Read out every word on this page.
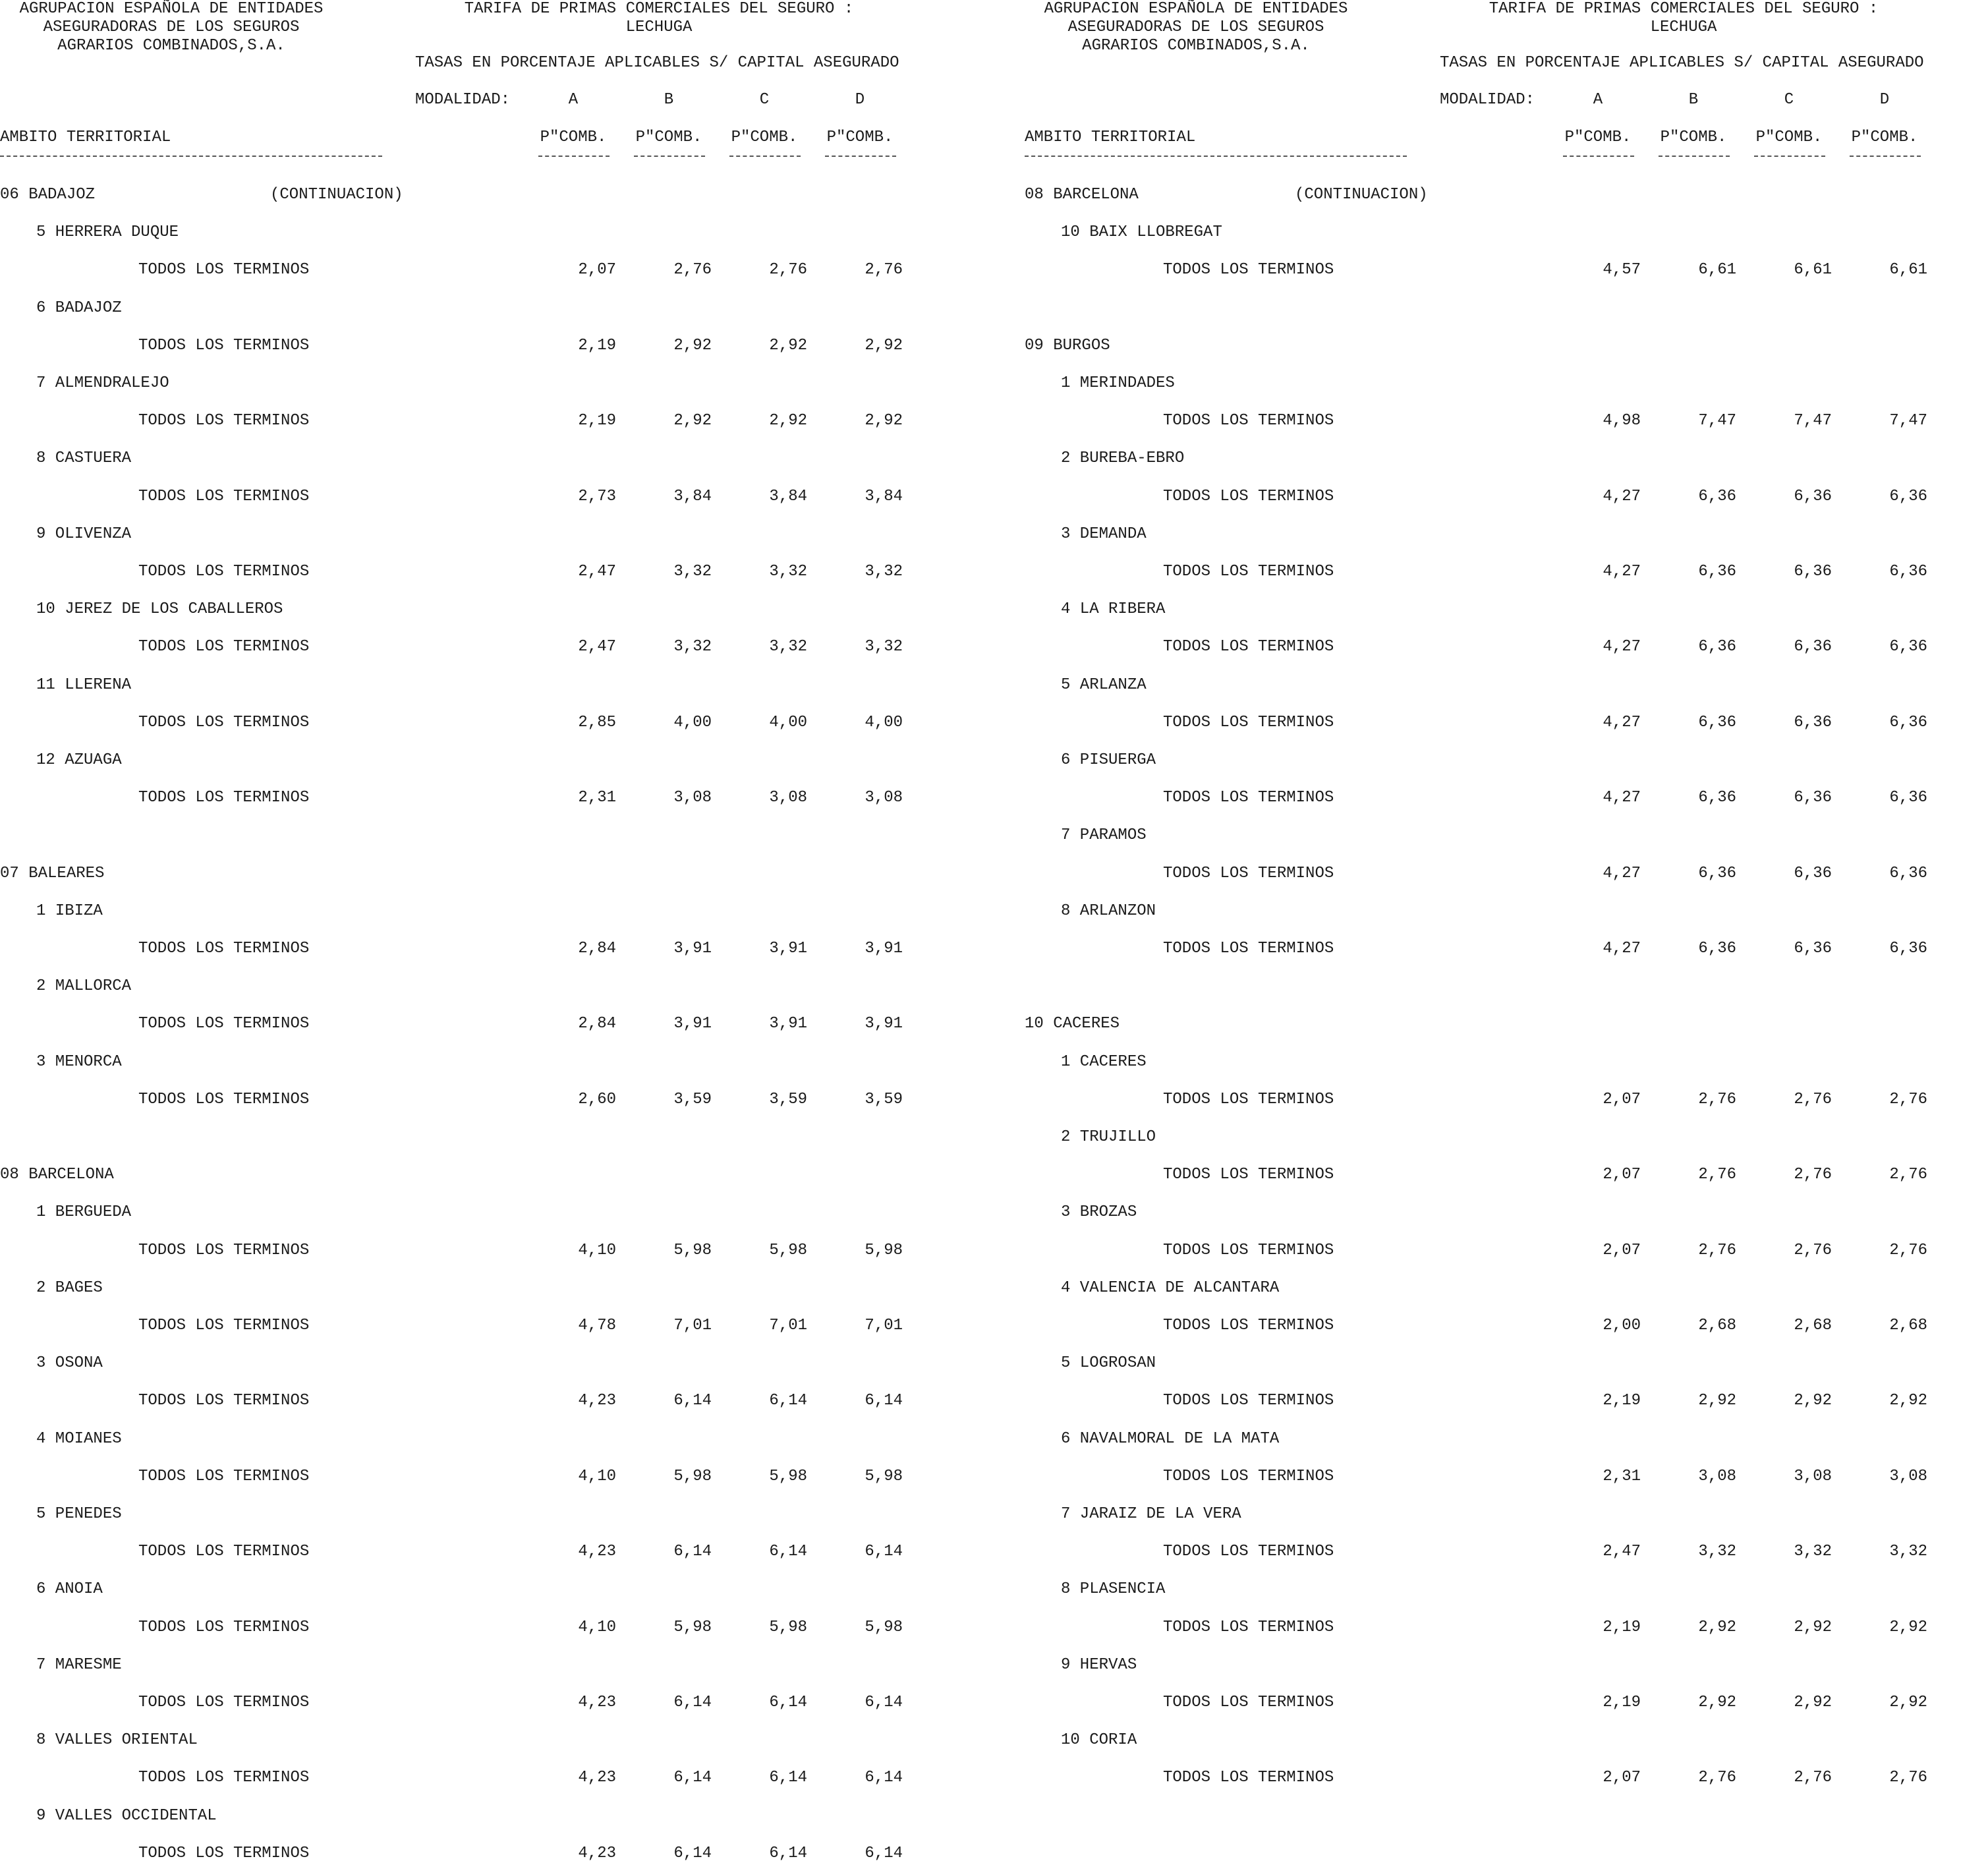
AGRUPACION ESPAÑOLA DE ENTIDADES
ASEGURADORAS DE LOS SEGUROS
AGRARIOS COMBINADOS,S.A.
TARIFA DE PRIMAS COMERCIALES DEL SEGURO :
LECHUGA
TASAS EN PORCENTAJE APLICABLES S/ CAPITAL ASEGURADO
MODALIDAD:	A	B	C	D
AMBITO TERRITORIAL	P"COMB.	P"COMB.	P"COMB.	P"COMB.
06 BADAJOZ	(CONTINUACION)
5 HERRERA DUQUE
TODOS LOS TERMINOS	2,07	2,76	2,76	2,76
6 BADAJOZ
TODOS LOS TERMINOS	2,19	2,92	2,92	2,92
7 ALMENDRALEJO
TODOS LOS TERMINOS	2,19	2,92	2,92	2,92
8 CASTUERA
TODOS LOS TERMINOS	2,73	3,84	3,84	3,84
9 OLIVENZA
TODOS LOS TERMINOS	2,47	3,32	3,32	3,32
10 JEREZ DE LOS CABALLEROS
TODOS LOS TERMINOS	2,47	3,32	3,32	3,32
11 LLERENA
TODOS LOS TERMINOS	2,85	4,00	4,00	4,00
12 AZUAGA
TODOS LOS TERMINOS	2,31	3,08	3,08	3,08
07 BALEARES
1 IBIZA
TODOS LOS TERMINOS	2,84	3,91	3,91	3,91
2 MALLORCA
TODOS LOS TERMINOS	2,84	3,91	3,91	3,91
3 MENORCA
TODOS LOS TERMINOS	2,60	3,59	3,59	3,59
08 BARCELONA
1 BERGUEDA
TODOS LOS TERMINOS	4,10	5,98	5,98	5,98
2 BAGES
TODOS LOS TERMINOS	4,78	7,01	7,01	7,01
3 OSONA
TODOS LOS TERMINOS	4,23	6,14	6,14	6,14
4 MOIANES
TODOS LOS TERMINOS	4,10	5,98	5,98	5,98
5 PENEDES
TODOS LOS TERMINOS	4,23	6,14	6,14	6,14
6 ANOIA
TODOS LOS TERMINOS	4,10	5,98	5,98	5,98
7 MARESME
TODOS LOS TERMINOS	4,23	6,14	6,14	6,14
8 VALLES ORIENTAL
TODOS LOS TERMINOS	4,23	6,14	6,14	6,14
9 VALLES OCCIDENTAL
TODOS LOS TERMINOS	4,23	6,14	6,14	6,14
AGRUPACION ESPAÑOLA DE ENTIDADES
ASEGURADORAS DE LOS SEGUROS
AGRARIOS COMBINADOS,S.A.
TARIFA DE PRIMAS COMERCIALES DEL SEGURO :
LECHUGA
TASAS EN PORCENTAJE APLICABLES S/ CAPITAL ASEGURADO
MODALIDAD:	A	B	C	D
AMBITO TERRITORIAL	P"COMB.	P"COMB.	P"COMB.	P"COMB.
08 BARCELONA	(CONTINUACION)
10 BAIX LLOBREGAT
TODOS LOS TERMINOS	4,57	6,61	6,61	6,61
09 BURGOS
1 MERINDADES
TODOS LOS TERMINOS	4,98	7,47	7,47	7,47
2 BUREBA-EBRO
TODOS LOS TERMINOS	4,27	6,36	6,36	6,36
3 DEMANDA
TODOS LOS TERMINOS	4,27	6,36	6,36	6,36
4 LA RIBERA
TODOS LOS TERMINOS	4,27	6,36	6,36	6,36
5 ARLANZA
TODOS LOS TERMINOS	4,27	6,36	6,36	6,36
6 PISUERGA
TODOS LOS TERMINOS	4,27	6,36	6,36	6,36
7 PARAMOS
TODOS LOS TERMINOS	4,27	6,36	6,36	6,36
8 ARLANZON
TODOS LOS TERMINOS	4,27	6,36	6,36	6,36
10 CACERES
1 CACERES
TODOS LOS TERMINOS	2,07	2,76	2,76	2,76
2 TRUJILLO
TODOS LOS TERMINOS	2,07	2,76	2,76	2,76
3 BROZAS
TODOS LOS TERMINOS	2,07	2,76	2,76	2,76
4 VALENCIA DE ALCANTARA
TODOS LOS TERMINOS	2,00	2,68	2,68	2,68
5 LOGROSAN
TODOS LOS TERMINOS	2,19	2,92	2,92	2,92
6 NAVALMORAL DE LA MATA
TODOS LOS TERMINOS	2,31	3,08	3,08	3,08
7 JARAIZ DE LA VERA
TODOS LOS TERMINOS	2,47	3,32	3,32	3,32
8 PLASENCIA
TODOS LOS TERMINOS	2,19	2,92	2,92	2,92
9 HERVAS
TODOS LOS TERMINOS	2,19	2,92	2,92	2,92
10 CORIA
TODOS LOS TERMINOS	2,07	2,76	2,76	2,76
